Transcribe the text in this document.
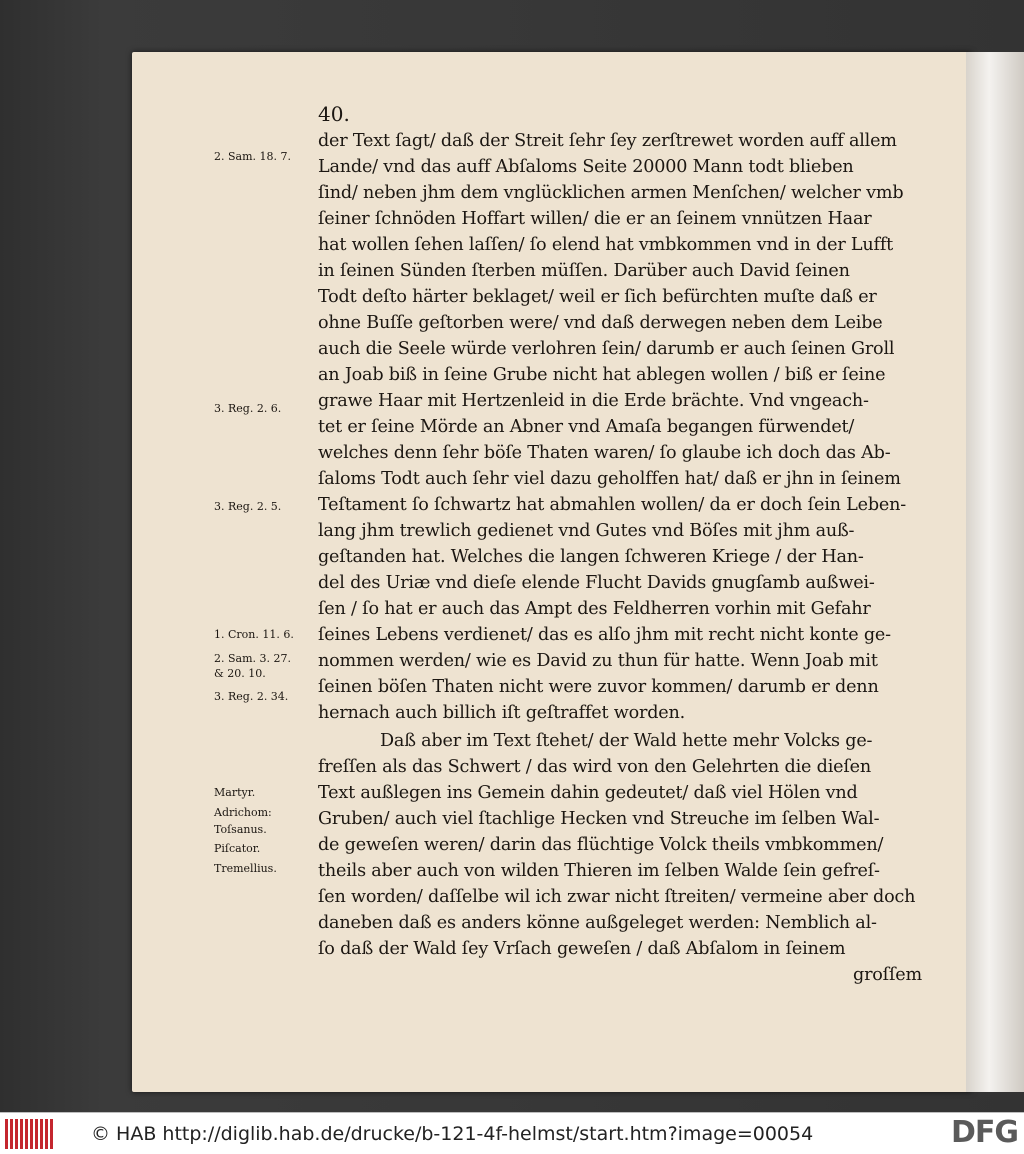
40.
der Text ſagt/ daß der Streit ſehr ſey zerſtrewet worden auff allem
Lande/ vnd das auff Abſaloms Seite 20000 Mann todt blieben
ſind/ neben jhm dem vnglücklichen armen Menſchen/ welcher vmb
ſeiner ſchnöden Hoffart willen/ die er an ſeinem vnnützen Haar
hat wollen ſehen laſſen/ ſo elend hat vmbkommen vnd in der Lufft
in ſeinen Sünden ſterben müſſen. Darüber auch David ſeinen
Todt deſto härter beklaget/ weil er ſich befürchten muſte daß er
ohne Buſſe geſtorben were/ vnd daß derwegen neben dem Leibe
auch die Seele würde verlohren ſein/ darumb er auch ſeinen Groll
an Joab biß in ſeine Grube nicht hat ablegen wollen / biß er ſeine
grawe Haar mit Hertzenleid in die Erde brächte. Vnd vngeach-
tet er ſeine Mörde an Abner vnd Amaſa begangen fürwendet/
welches denn ſehr böſe Thaten waren/ ſo glaube ich doch das Ab-
ſaloms Todt auch ſehr viel dazu geholffen hat/ daß er jhn in ſeinem
Teſtament ſo ſchwartz hat abmahlen wollen/ da er doch ſein Leben-
lang jhm trewlich gedienet vnd Gutes vnd Böſes mit jhm auß-
geſtanden hat. Welches die langen ſchweren Kriege / der Han-
del des Uriæ vnd dieſe elende Flucht Davids gnugſamb außwei-
ſen / ſo hat er auch das Ampt des Feldherren vorhin mit Gefahr
ſeines Lebens verdienet/ das es alſo jhm mit recht nicht konte ge-
nommen werden/ wie es David zu thun für hatte. Wenn Joab mit
ſeinen böſen Thaten nicht were zuvor kommen/ darumb er denn
hernach auch billich iſt geſtraffet worden.
Daß aber im Text ſtehet/ der Wald hette mehr Volcks ge-
freſſen als das Schwert / das wird von den Gelehrten die dieſen
Text außlegen ins Gemein dahin gedeutet/ daß viel Hölen vnd
Gruben/ auch viel ſtachlige Hecken vnd Streuche im ſelben Wal-
de geweſen weren/ darin das flüchtige Volck theils vmbkommen/
theils aber auch von wilden Thieren im ſelben Walde ſein gefreſ-
ſen worden/ daſſelbe wil ich zwar nicht ſtreiten/ vermeine aber doch
daneben daß es anders könne außgeleget werden: Nemblich al-
ſo daß der Wald ſey Vrſach geweſen / daß Abſalom in ſeinem
groſſem
2. Sam. 18. 7.
3. Reg. 2. 6.
3. Reg. 2. 5.
1. Cron. 11. 6.
2. Sam. 3. 27.
& 20. 10.
3. Reg. 2. 34.
Martyr.
Adrichom:
Toſsanus.
Piſcator.
Tremellius.
© HAB http://diglib.hab.de/drucke/b-121-4f-helmst/start.htm?image=00054	DFG
